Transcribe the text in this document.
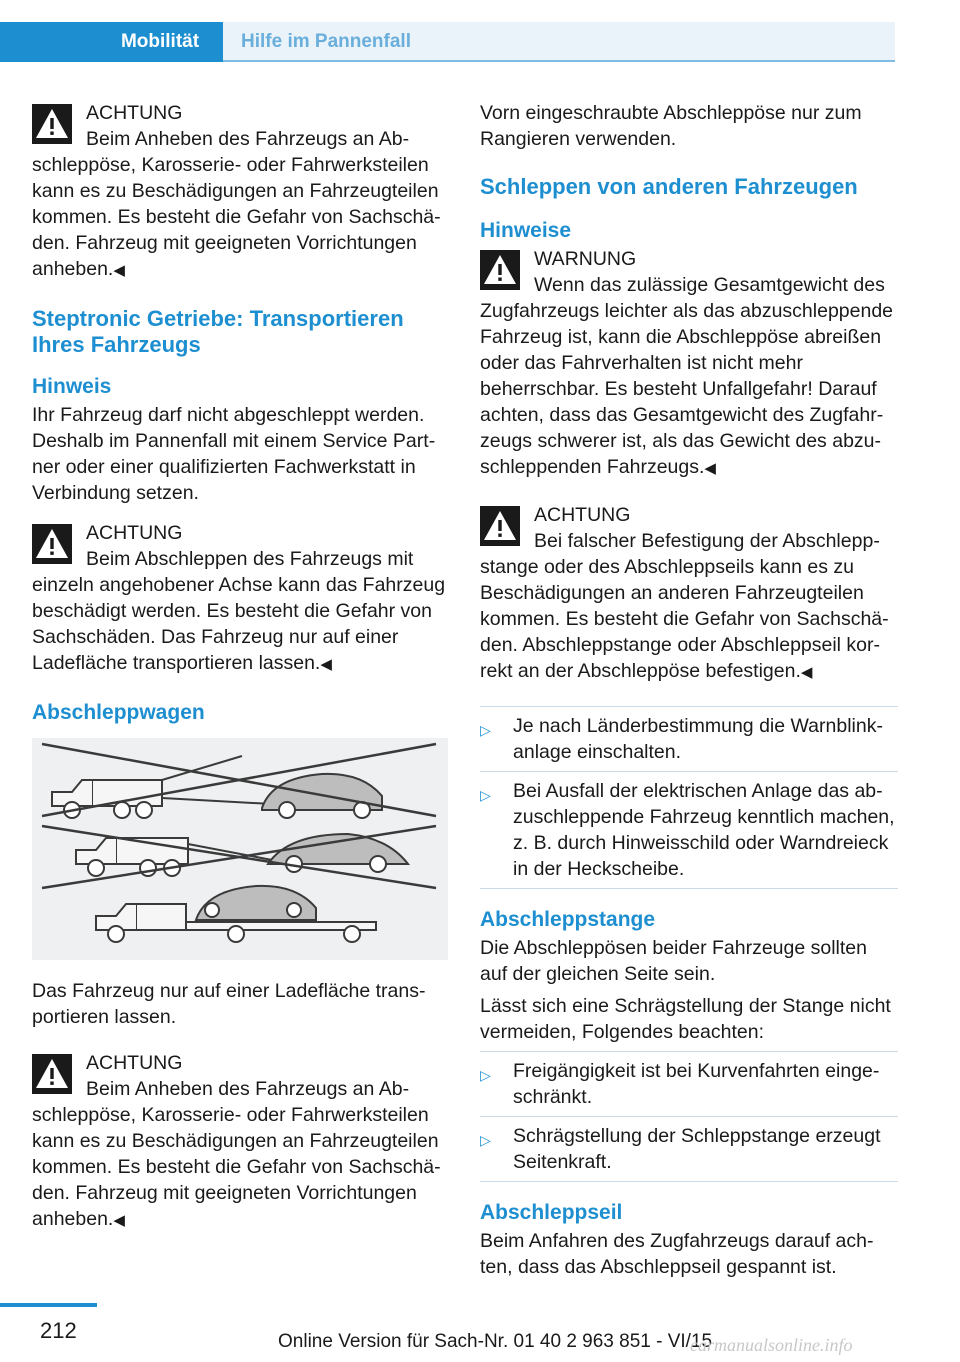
Mobilität	Hilfe im Pannenfall
ACHTUNG
Beim Anheben des Fahrzeugs an Abschleppöse, Karosserie- oder Fahrwerksteilen kann es zu Beschädigungen an Fahrzeugteilen kommen. Es besteht die Gefahr von Sachschäden. Fahrzeug mit geeigneten Vorrichtungen anheben.◀
Steptronic Getriebe: Transportieren Ihres Fahrzeugs
Hinweis

Ihr Fahrzeug darf nicht abgeschleppt werden. Deshalb im Pannenfall mit einem Service Partner oder einer qualifizierten Fachwerkstatt in Verbindung setzen.

ACHTUNG
Beim Abschleppen des Fahrzeugs mit einzeln angehobener Achse kann das Fahrzeug beschädigt werden. Es besteht die Gefahr von Sachschäden. Das Fahrzeug nur auf einer Ladefläche transportieren lassen.◀
Abschleppwagen

Das Fahrzeug nur auf einer Ladefläche transportieren lassen.

ACHTUNG
Beim Anheben des Fahrzeugs an Abschleppöse, Karosserie- oder Fahrwerksteilen kann es zu Beschädigungen an Fahrzeugteilen kommen. Es besteht die Gefahr von Sachschäden. Fahrzeug mit geeigneten Vorrichtungen anheben.◀

Vorn eingeschraubte Abschleppöse nur zum Rangieren verwenden.

Schleppen von anderen Fahrzeugen
Hinweise
WARNUNG
Wenn das zulässige Gesamtgewicht des Zugfahrzeugs leichter als das abzuschleppende Fahrzeug ist, kann die Abschleppöse abreißen oder das Fahrverhalten ist nicht mehr beherrschbar. Es besteht Unfallgefahr! Darauf achten, dass das Gesamtgewicht des Zugfahrzeugs schwerer ist, als das Gewicht des abzuschleppenden Fahrzeugs.◀
ACHTUNG
Bei falscher Befestigung der Abschleppstange oder des Abschleppseils kann es zu Beschädigungen an anderen Fahrzeugteilen kommen. Es besteht die Gefahr von Sachschäden. Abschleppstange oder Abschleppseil korrekt an der Abschleppöse befestigen.◀
▷ Je nach Länderbestimmung die Warnblinkanlage einschalten.
▷ Bei Ausfall der elektrischen Anlage das abzuschleppende Fahrzeug kenntlich machen, z. B. durch Hinweisschild oder Warndreieck in der Heckscheibe.
Abschleppstange

Die Abschleppösen beider Fahrzeuge sollten auf der gleichen Seite sein.

Lässt sich eine Schrägstellung der Stange nicht vermeiden, Folgendes beachten:

▷ Freigängigkeit ist bei Kurvenfahrten eingeschränkt.
▷ Schrägstellung der Schleppstange erzeugt Seitenkraft.
Abschleppseil

Beim Anfahren des Zugfahrzeugs darauf achten, dass das Abschleppseil gespannt ist.

212	Online Version für Sach-Nr. 01 40 2 963 851 - VI/15
carmanualsonline.info
